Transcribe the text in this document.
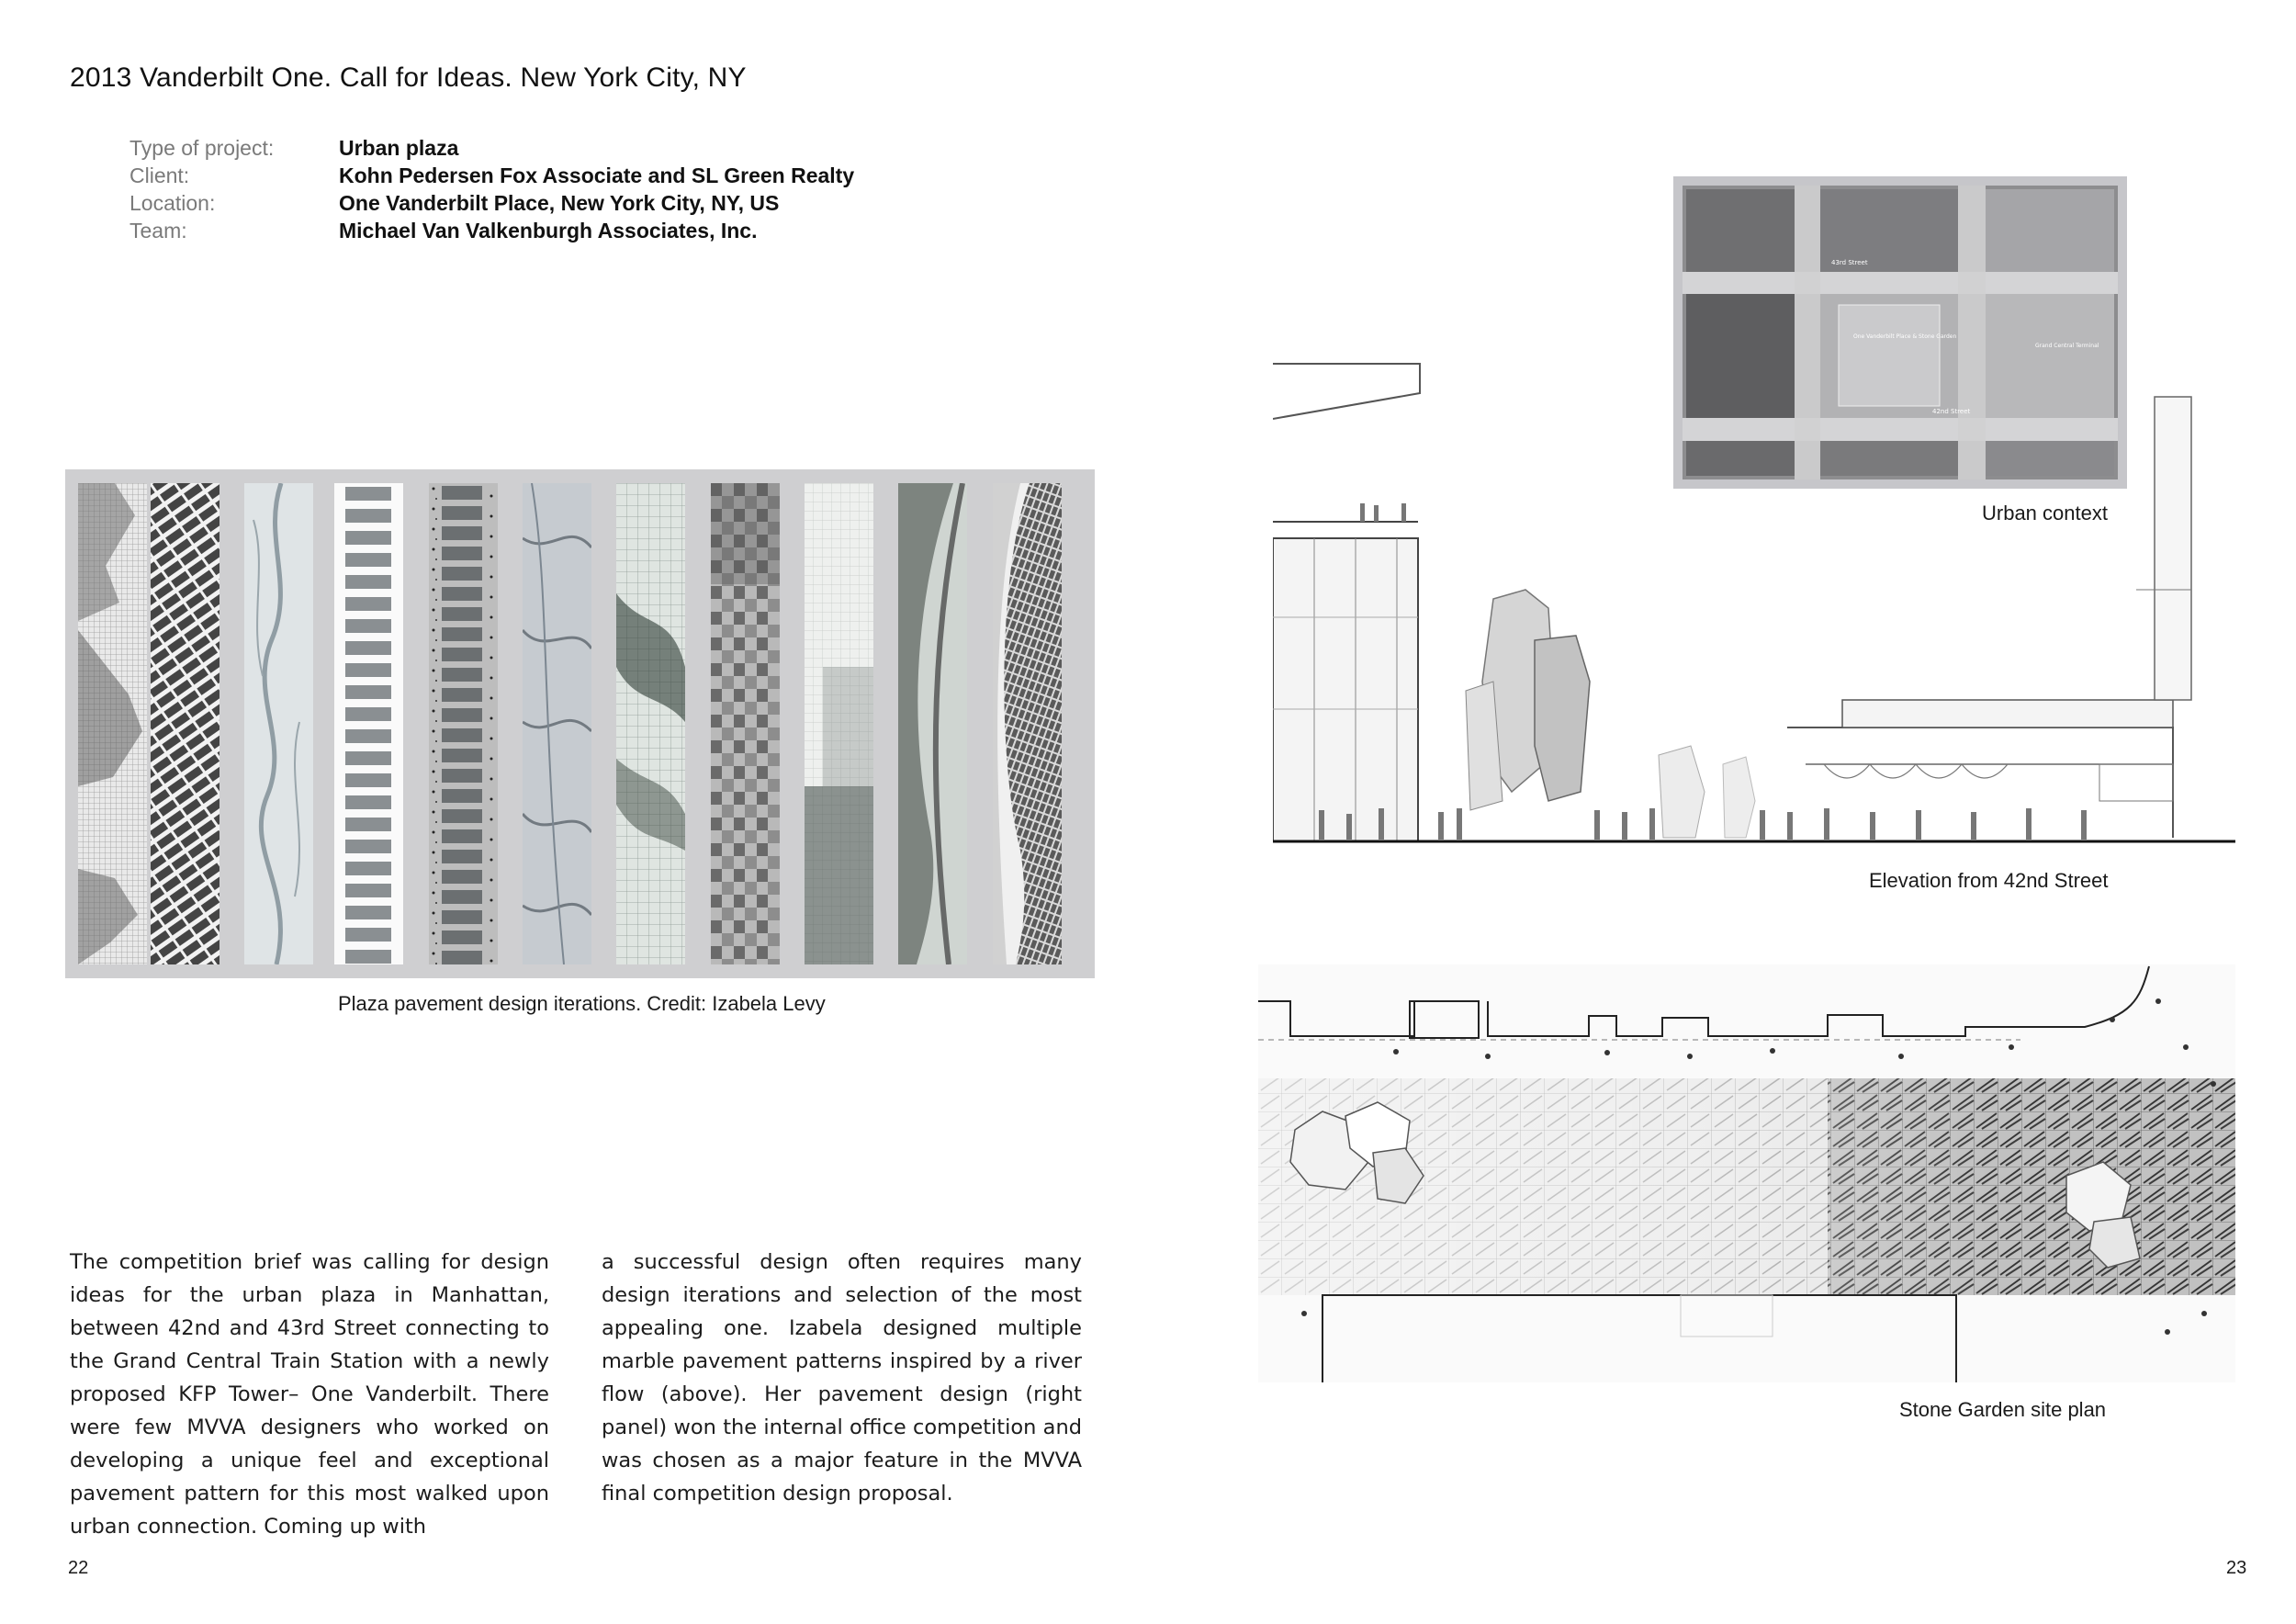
2013 Vanderbilt One. Call for Ideas. New York City, NY
Type of project:	Urban plaza
Client:	Kohn Pedersen Fox Associate and SL Green Realty
Location:	One Vanderbilt Place, New York City, NY, US
Team:	Michael Van Valkenburgh Associates, Inc.
Plaza pavement design iterations. Credit: Izabela Levy
The competition brief was calling for design ideas for the urban plaza in Manhattan, between 42nd and 43rd Street connecting to the Grand Central Train Station with a newly proposed KFP Tower– One Vanderbilt. There were few MVVA designers who worked on developing a unique feel and exceptional pavement pattern for this most walked upon urban connection. Coming up with
a successful design often requires many design iterations and selection of the most appealing one. Izabela designed multiple marble pavement patterns inspired by a river flow (above). Her pavement design (right panel) won the internal office competition and was chosen as a major feature in the MVVA final competition design proposal.
43rd Street
42nd Street
One Vanderbilt Place & Stone Garden
Grand Central Terminal
Urban context
Elevation from 42nd Street
Stone Garden site plan
22	23
